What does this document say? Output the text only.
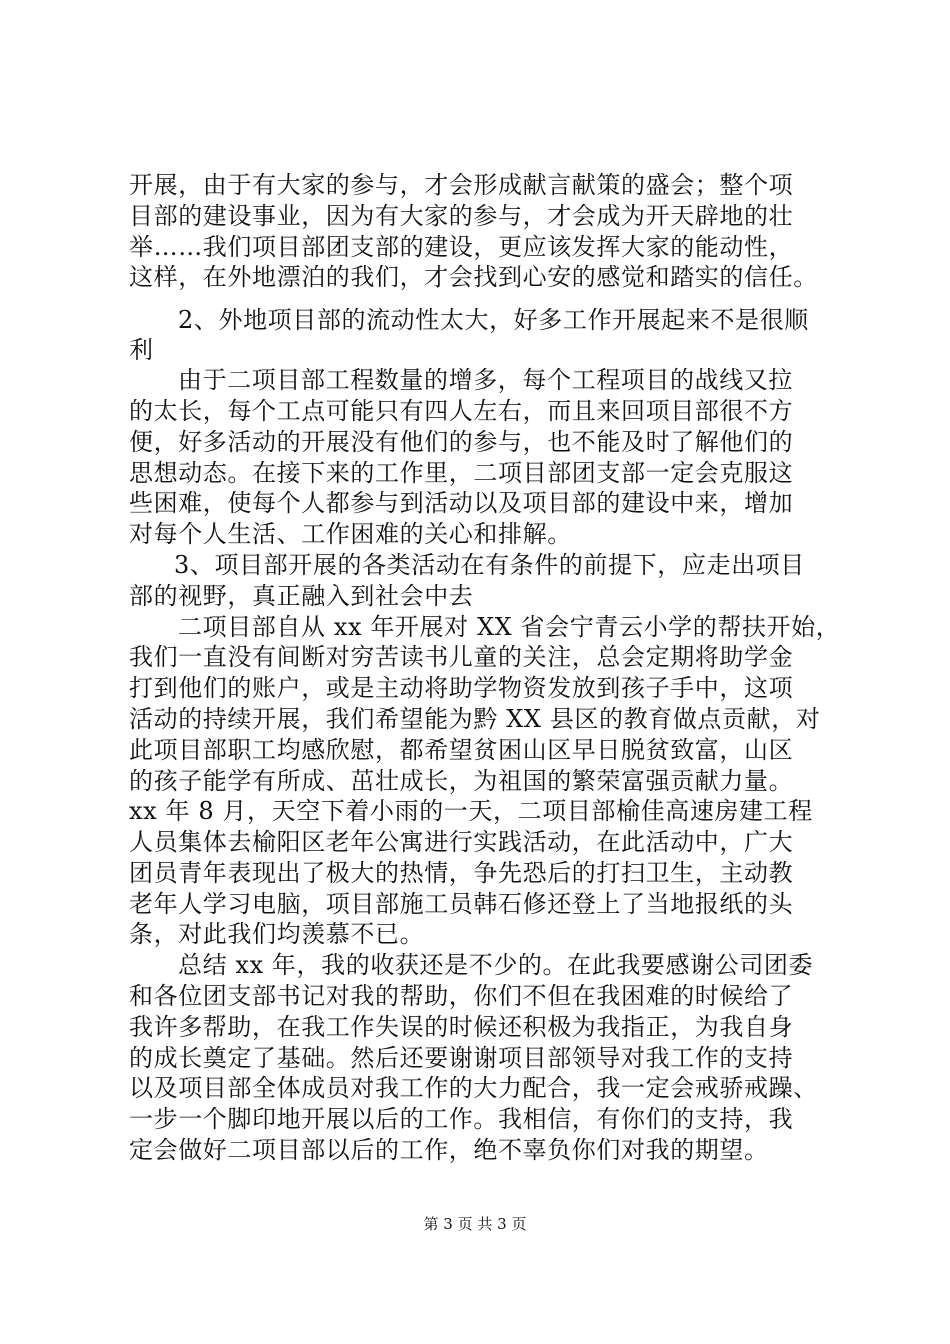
开展，由于有大家的参与，才会形成献言献策的盛会；整个项
目部的建设事业，因为有大家的参与，才会成为开天辟地的壮
举……我们项目部团支部的建设，更应该发挥大家的能动性，
这样，在外地漂泊的我们，才会找到心安的感觉和踏实的信任。
2、外地项目部的流动性太大，好多工作开展起来不是很顺
利
由于二项目部工程数量的增多，每个工程项目的战线又拉
的太长，每个工点可能只有四人左右，而且来回项目部很不方
便，好多活动的开展没有他们的参与，也不能及时了解他们的
思想动态。在接下来的工作里，二项目部团支部一定会克服这
些困难，使每个人都参与到活动以及项目部的建设中来，增加
对每个人生活、工作困难的关心和排解。
3、项目部开展的各类活动在有条件的前提下，应走出项目
部的视野，真正融入到社会中去
二项目部自从 xx 年开展对 XX 省会宁青云小学的帮扶开始，
我们一直没有间断对穷苦读书儿童的关注，总会定期将助学金
打到他们的账户，或是主动将助学物资发放到孩子手中，这项
活动的持续开展，我们希望能为黔 XX 县区的教育做点贡献，对
此项目部职工均感欣慰，都希望贫困山区早日脱贫致富，山区
的孩子能学有所成、茁壮成长，为祖国的繁荣富强贡献力量。
xx 年 8 月，天空下着小雨的一天，二项目部榆佳高速房建工程
人员集体去榆阳区老年公寓进行实践活动，在此活动中，广大
团员青年表现出了极大的热情，争先恐后的打扫卫生，主动教
老年人学习电脑，项目部施工员韩石修还登上了当地报纸的头
条，对此我们均羡慕不已。
总结 xx 年，我的收获还是不少的。在此我要感谢公司团委
和各位团支部书记对我的帮助，你们不但在我困难的时候给了
我许多帮助，在我工作失误的时候还积极为我指正，为我自身
的成长奠定了基础。然后还要谢谢项目部领导对我工作的支持
以及项目部全体成员对我工作的大力配合，我一定会戒骄戒躁、
一步一个脚印地开展以后的工作。我相信，有你们的支持，我
定会做好二项目部以后的工作，绝不辜负你们对我的期望。
第 3 页 共 3 页
